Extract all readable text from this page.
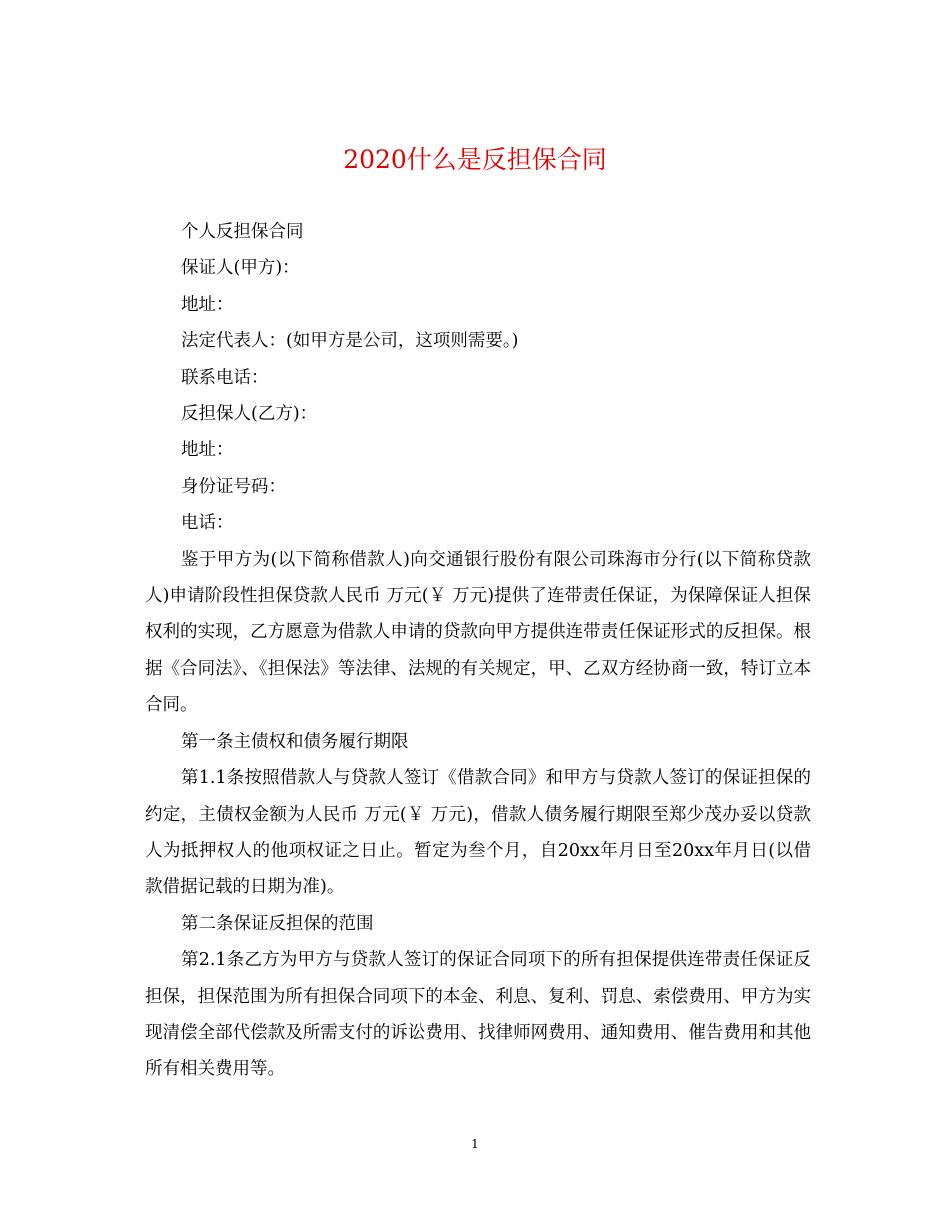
2020什么是反担保合同

个人反担保合同

保证人(甲方)：

地址：

法定代表人：(如甲方是公司，这项则需要。)

联系电话：

反担保人(乙方)：

地址：

身份证号码：

电话：

鉴于甲方为(以下简称借款人)向交通银行股份有限公司珠海市分行(以下简称贷款人)申请阶段性担保贷款人民币 万元(￥ 万元)提供了连带责任保证，为保障保证人担保权利的实现，乙方愿意为借款人申请的贷款向甲方提供连带责任保证形式的反担保。根据《合同法》、《担保法》等法律、法规的有关规定，甲、乙双方经协商一致，特订立本合同。

第一条主债权和债务履行期限

第1.1条按照借款人与贷款人签订《借款合同》和甲方与贷款人签订的保证担保的约定，主债权金额为人民币 万元(￥ 万元)，借款人债务履行期限至郑少茂办妥以贷款人为抵押权人的他项权证之日止。暂定为叁个月，自20xx年月日至20xx年月日(以借款借据记载的日期为准)。

第二条保证反担保的范围

第2.1条乙方为甲方与贷款人签订的保证合同项下的所有担保提供连带责任保证反担保，担保范围为所有担保合同项下的本金、利息、复利、罚息、索偿费用、甲方为实现清偿全部代偿款及所需支付的诉讼费用、找律师网费用、通知费用、催告费用和其他所有相关费用等。

1
